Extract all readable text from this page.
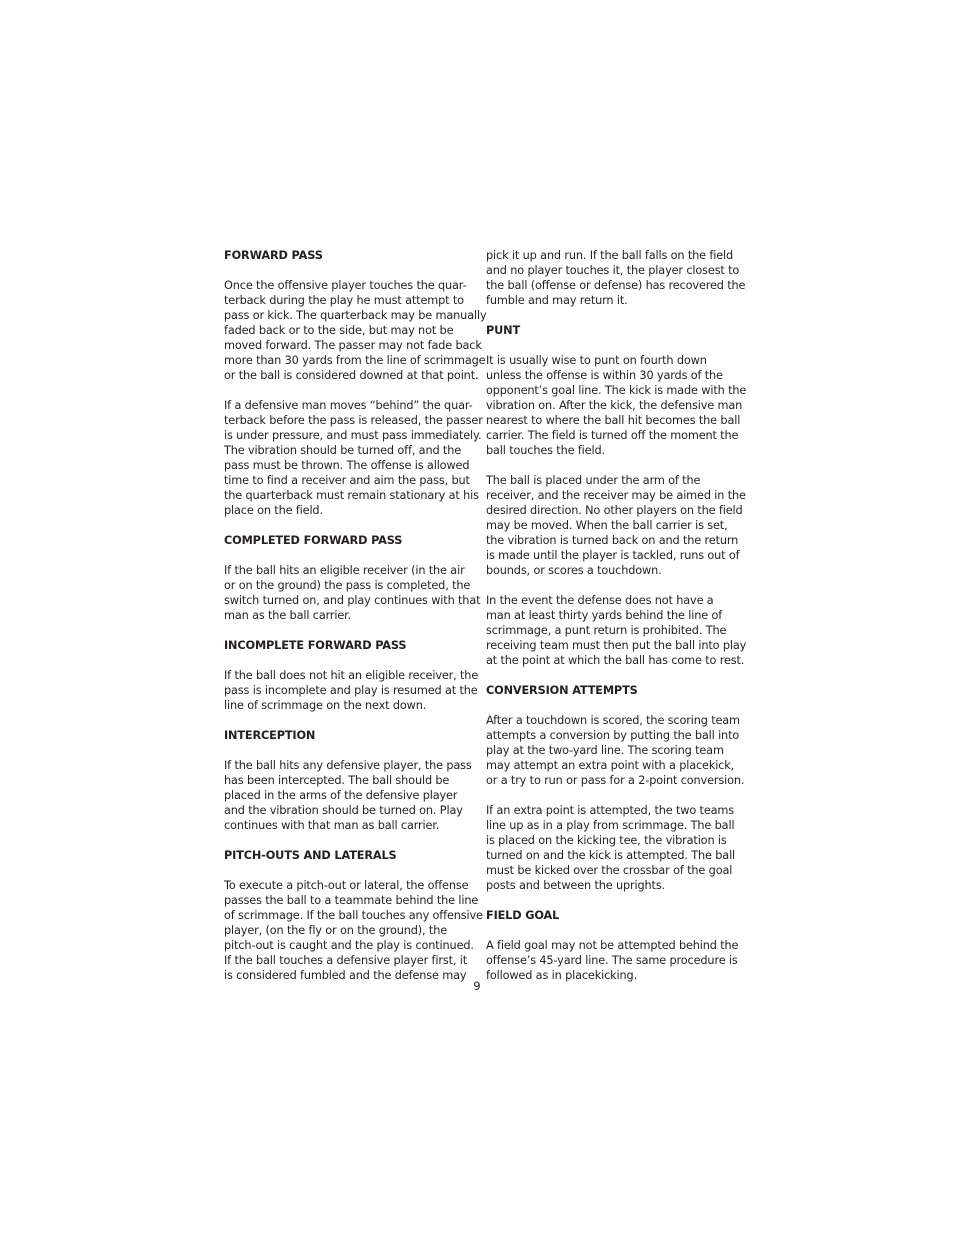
FORWARD PASS
Once the offensive player touches the quar-
terback during the play he must attempt to
pass or kick. The quarterback may be manually
faded back or to the side, but may not be
moved forward. The passer may not fade back
more than 30 yards from the line of scrimmage
or the ball is considered downed at that point.
If a defensive man moves “behind” the quar-
terback before the pass is released, the passer
is under pressure, and must pass immediately.
The vibration should be turned off, and the
pass must be thrown. The offense is allowed
time to find a receiver and aim the pass, but
the quarterback must remain stationary at his
place on the field.
COMPLETED FORWARD PASS
If the ball hits an eligible receiver (in the air
or on the ground) the pass is completed, the
switch turned on, and play continues with that
man as the ball carrier.
INCOMPLETE FORWARD PASS
If the ball does not hit an eligible receiver, the
pass is incomplete and play is resumed at the
line of scrimmage on the next down.
INTERCEPTION
If the ball hits any defensive player, the pass
has been intercepted. The ball should be
placed in the arms of the defensive player
and the vibration should be turned on. Play
continues with that man as ball carrier.
PITCH-OUTS AND LATERALS
To execute a pitch-out or lateral, the offense
passes the ball to a teammate behind the line
of scrimmage. If the ball touches any offensive
player, (on the fly or on the ground), the
pitch-out is caught and the play is continued.
If the ball touches a defensive player first, it
is considered fumbled and the defense may
pick it up and run. If the ball falls on the field
and no player touches it, the player closest to
the ball (offense or defense) has recovered the
fumble and may return it.
PUNT
It is usually wise to punt on fourth down
unless the offense is within 30 yards of the
opponent’s goal line. The kick is made with the
vibration on. After the kick, the defensive man
nearest to where the ball hit becomes the ball
carrier. The field is turned off the moment the
ball touches the field.
The ball is placed under the arm of the
receiver, and the receiver may be aimed in the
desired direction. No other players on the field
may be moved. When the ball carrier is set,
the vibration is turned back on and the return
is made until the player is tackled, runs out of
bounds, or scores a touchdown.
In the event the defense does not have a
man at least thirty yards behind the line of
scrimmage, a punt return is prohibited. The
receiving team must then put the ball into play
at the point at which the ball has come to rest.
CONVERSION ATTEMPTS
After a touchdown is scored, the scoring team
attempts a conversion by putting the ball into
play at the two-yard line. The scoring team
may attempt an extra point with a placekick,
or a try to run or pass for a 2-point conversion.
If an extra point is attempted, the two teams
line up as in a play from scrimmage. The ball
is placed on the kicking tee, the vibration is
turned on and the kick is attempted. The ball
must be kicked over the crossbar of the goal
posts and between the uprights.
FIELD GOAL
A field goal may not be attempted behind the
offense’s 45-yard line. The same procedure is
followed as in placekicking.
9
